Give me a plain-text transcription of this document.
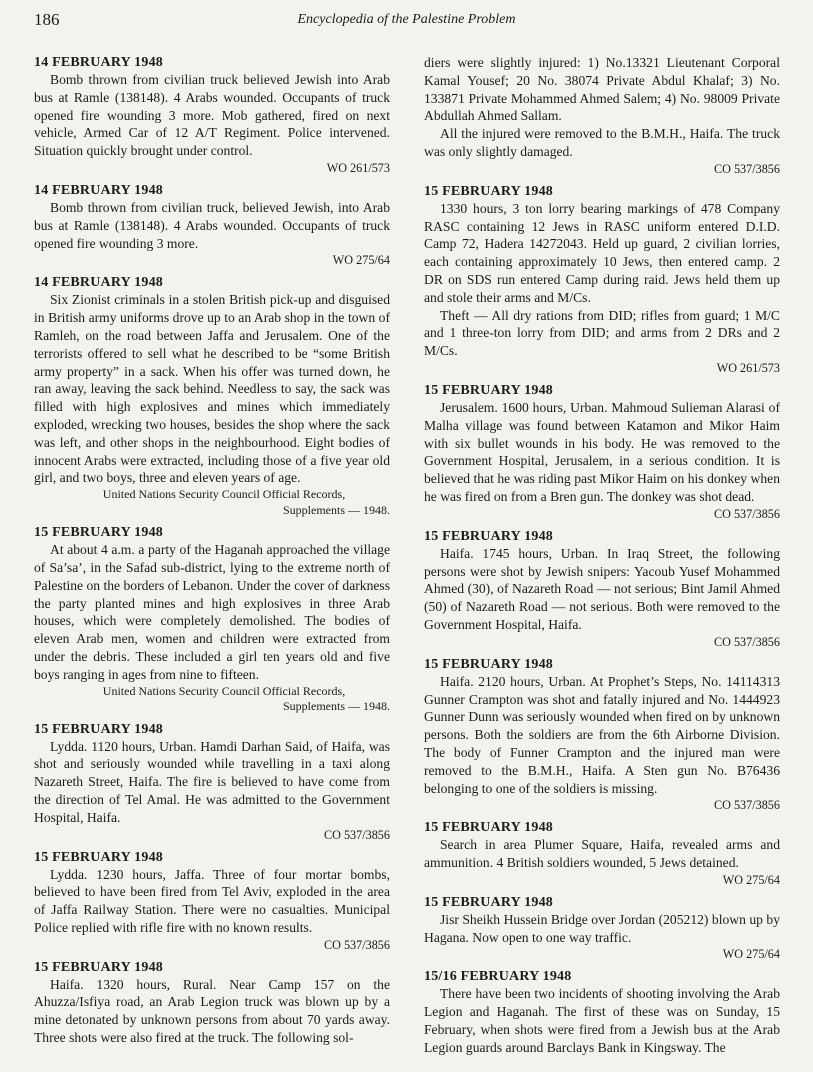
186	Encyclopedia of the Palestine Problem
14 FEBRUARY 1948

Bomb thrown from civilian truck believed Jewish into Arab bus at Ramle (138148). 4 Arabs wounded. Occupants of truck opened fire wounding 3 more. Mob gathered, fired on next vehicle, Armed Car of 12 A/T Regiment. Police intervened. Situation quickly brought under control.

WO 261/573
14 FEBRUARY 1948

Bomb thrown from civilian truck, believed Jewish, into Arab bus at Ramle (138148). 4 Arabs wounded. Occupants of truck opened fire wounding 3 more.

WO 275/64
14 FEBRUARY 1948

Six Zionist criminals in a stolen British pick-up and disguised in British army uniforms drove up to an Arab shop in the town of Ramleh, on the road between Jaffa and Jerusalem. One of the terrorists offered to sell what he described to be “some British army property” in a sack. When his offer was turned down, he ran away, leaving the sack behind. Needless to say, the sack was filled with high explosives and mines which immediately exploded, wrecking two houses, besides the shop where the sack was left, and other shops in the neighbourhood. Eight bodies of innocent Arabs were extracted, including those of a five year old girl, and two boys, three and eleven years of age.

United Nations Security Council Official Records,
Supplements — 1948.
15 FEBRUARY 1948

At about 4 a.m. a party of the Haganah approached the village of Sa’sa’, in the Safad sub-district, lying to the extreme north of Palestine on the borders of Lebanon. Under the cover of darkness the party planted mines and high explosives in three Arab houses, which were completely demolished. The bodies of eleven Arab men, women and children were extracted from under the debris. These included a girl ten years old and five boys ranging in ages from nine to fifteen.

United Nations Security Council Official Records,
Supplements — 1948.
15 FEBRUARY 1948

Lydda. 1120 hours, Urban. Hamdi Darhan Said, of Haifa, was shot and seriously wounded while travelling in a taxi along Nazareth Street, Haifa. The fire is believed to have come from the direction of Tel Amal. He was admitted to the Government Hospital, Haifa.

CO 537/3856
15 FEBRUARY 1948

Lydda. 1230 hours, Jaffa. Three of four mortar bombs, believed to have been fired from Tel Aviv, exploded in the area of Jaffa Railway Station. There were no casualties. Municipal Police replied with rifle fire with no known results.

CO 537/3856
15 FEBRUARY 1948

Haifa. 1320 hours, Rural. Near Camp 157 on the Ahuzza/Isfiya road, an Arab Legion truck was blown up by a mine detonated by unknown persons from about 70 yards away. Three shots were also fired at the truck. The following sol-

diers were slightly injured: 1) No.13321 Lieutenant Corporal Kamal Yousef; 20 No. 38074 Private Abdul Khalaf; 3) No. 133871 Private Mohammed Ahmed Salem; 4) No. 98009 Private Abdullah Ahmed Sallam.

All the injured were removed to the B.M.H., Haifa. The truck was only slightly damaged.

CO 537/3856
15 FEBRUARY 1948

1330 hours, 3 ton lorry bearing markings of 478 Company RASC containing 12 Jews in RASC uniform entered D.I.D. Camp 72, Hadera 14272043. Held up guard, 2 civilian lorries, each containing approximately 10 Jews, then entered camp. 2 DR on SDS run entered Camp during raid. Jews held them up and stole their arms and M/Cs.

Theft — All dry rations from DID; rifles from guard; 1 M/C and 1 three-ton lorry from DID; and arms from 2 DRs and 2 M/Cs.

WO 261/573
15 FEBRUARY 1948

Jerusalem. 1600 hours, Urban. Mahmoud Sulieman Alarasi of Malha village was found between Katamon and Mikor Haim with six bullet wounds in his body. He was removed to the Government Hospital, Jerusalem, in a serious condition. It is believed that he was riding past Mikor Haim on his donkey when he was fired on from a Bren gun. The donkey was shot dead.

CO 537/3856
15 FEBRUARY 1948

Haifa. 1745 hours, Urban. In Iraq Street, the following persons were shot by Jewish snipers: Yacoub Yusef Mohammed Ahmed (30), of Nazareth Road — not serious; Bint Jamil Ahmed (50) of Nazareth Road — not serious. Both were removed to the Government Hospital, Haifa.

CO 537/3856
15 FEBRUARY 1948

Haifa. 2120 hours, Urban. At Prophet’s Steps, No. 14114313 Gunner Crampton was shot and fatally injured and No. 1444923 Gunner Dunn was seriously wounded when fired on by unknown persons. Both the soldiers are from the 6th Airborne Division. The body of Funner Crampton and the injured man were removed to the B.M.H., Haifa. A Sten gun No. B76436 belonging to one of the soldiers is missing.

CO 537/3856
15 FEBRUARY 1948

Search in area Plumer Square, Haifa, revealed arms and ammunition. 4 British soldiers wounded, 5 Jews detained.

WO 275/64
15 FEBRUARY 1948

Jisr Sheikh Hussein Bridge over Jordan (205212) blown up by Hagana. Now open to one way traffic.

WO 275/64
15/16 FEBRUARY 1948

There have been two incidents of shooting involving the Arab Legion and Haganah. The first of these was on Sunday, 15 February, when shots were fired from a Jewish bus at the Arab Legion guards around Barclays Bank in Kingsway. The
